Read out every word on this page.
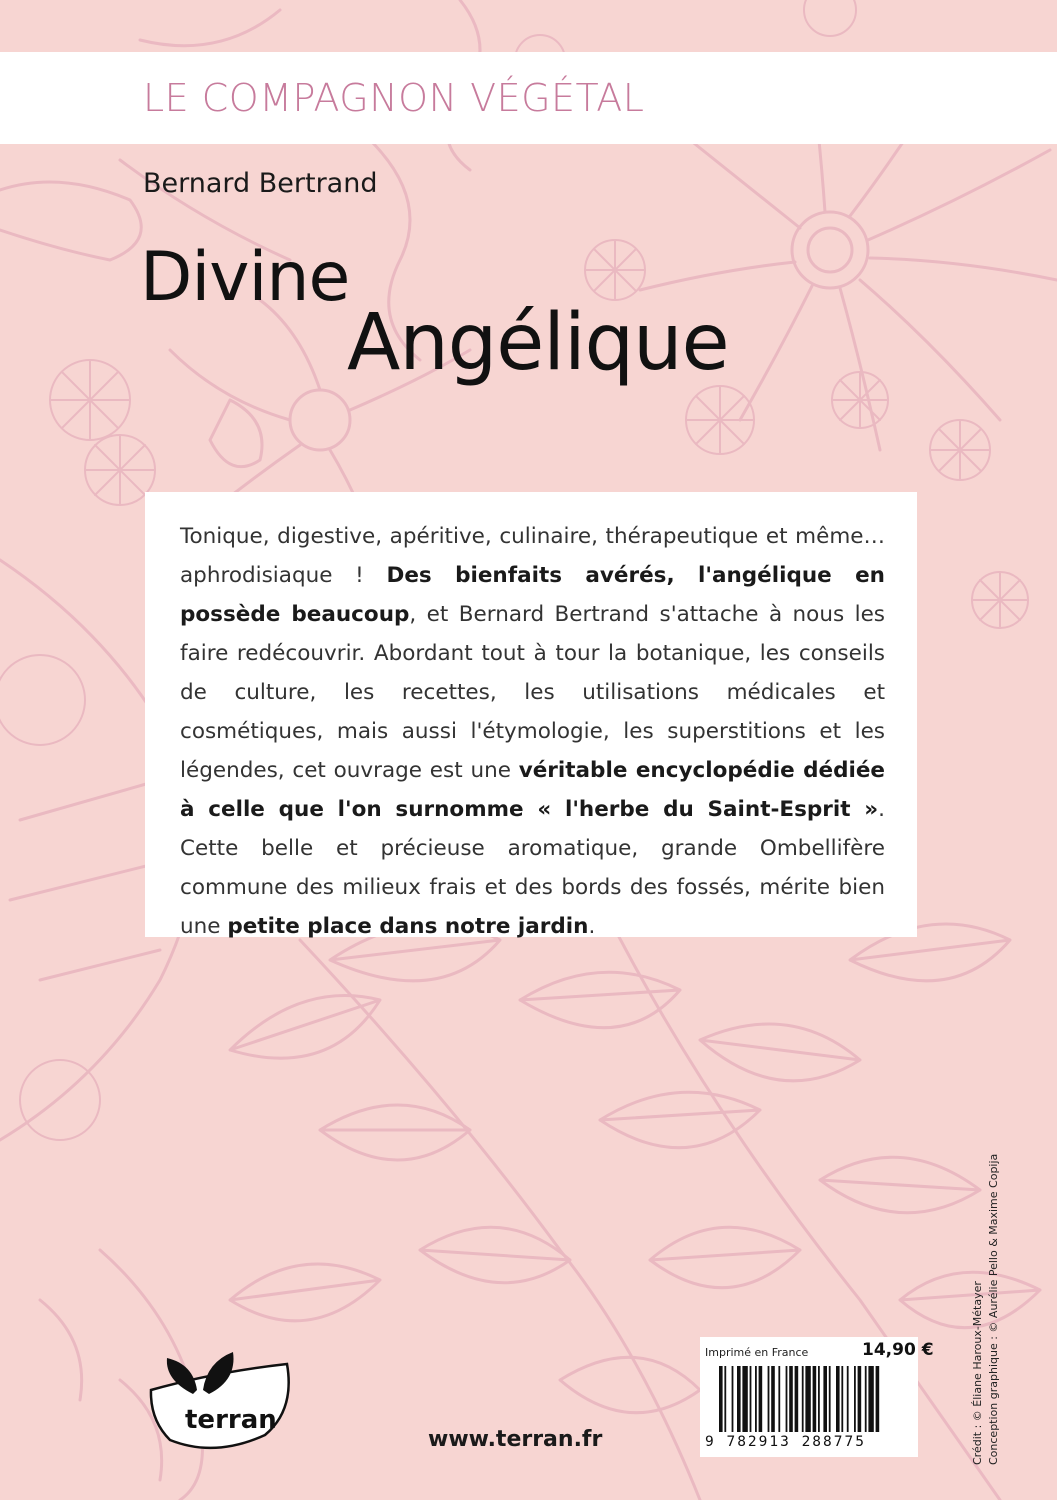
LE COMPAGNON VÉGÉTAL
Bernard Bertrand
Divine
Angélique

Tonique, digestive, apéritive, culinaire, thérapeutique et même… aphrodisiaque ! Des bienfaits avérés, l'angélique en possède beaucoup, et Bernard Bertrand s'attache à nous les faire redécouvrir. Abordant tout à tour la botanique, les conseils de culture, les recettes, les utilisations médicales et cosmétiques, mais aussi l'étymologie, les superstitions et les légendes, cet ouvrage est une véritable encyclopédie dédiée à celle que l'on surnomme « l'herbe du Saint-Esprit ». Cette belle et précieuse aromatique, grande Ombellifère commune des milieux frais et des bords des fossés, mérite bien une petite place dans notre jardin.

terran
www.terran.fr
Imprimé en France	14,90 €
9 782913 288775	Crédit : © Éliane Haroux-Métayer Conception graphique : © Aurélie Pello & Maxime Copija
